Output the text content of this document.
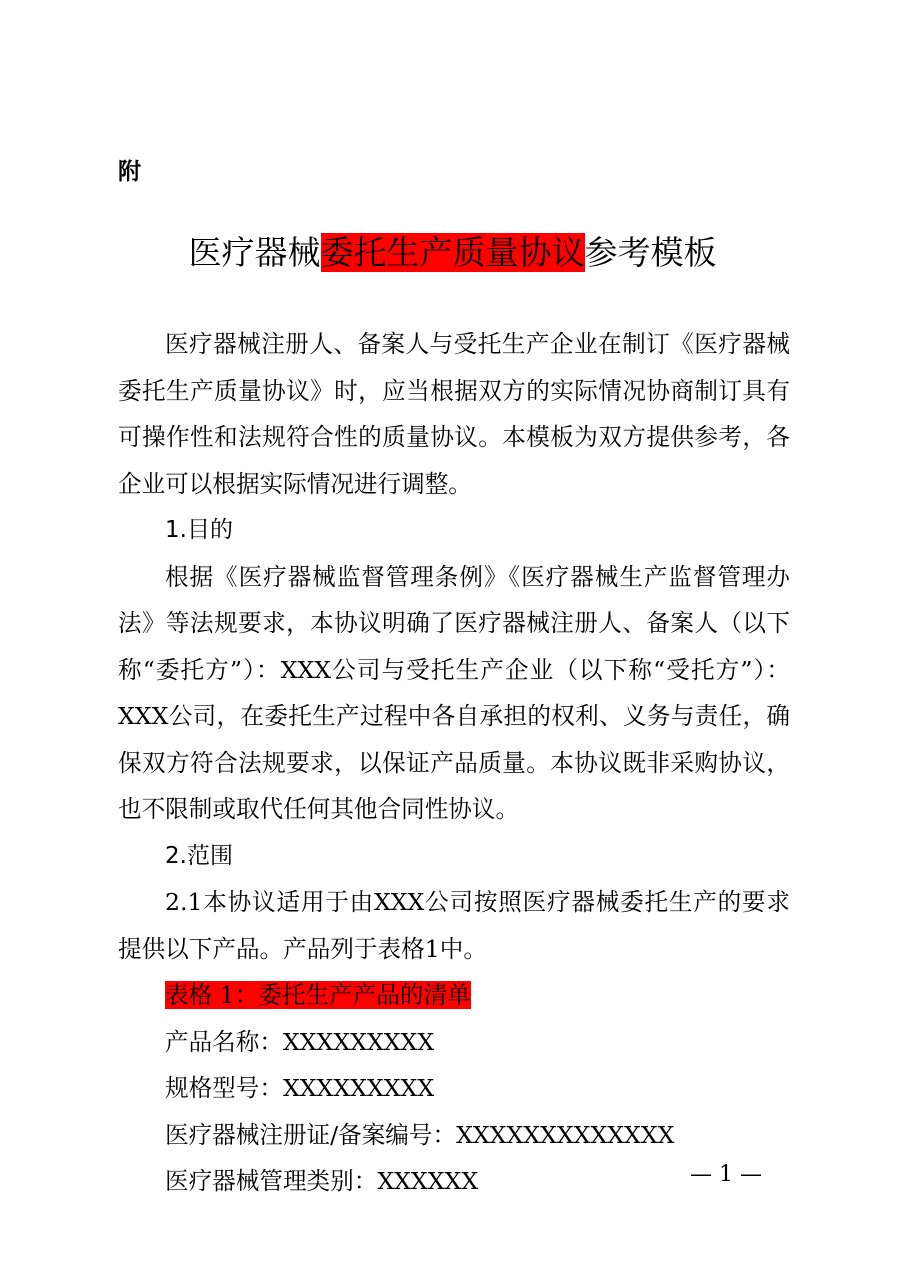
附
医疗器械委托生产质量协议参考模板

医疗器械注册人、备案人与受托生产企业在制订《医疗器械委托生产质量协议》时，应当根据双方的实际情况协商制订具有可操作性和法规符合性的质量协议。本模板为双方提供参考，各企业可以根据实际情况进行调整。

1.目的

根据《医疗器械监督管理条例》《医疗器械生产监督管理办法》等法规要求，本协议明确了医疗器械注册人、备案人（以下称“委托方”）：XXX公司与受托生产企业（以下称“受托方”）：XXX公司，在委托生产过程中各自承担的权利、义务与责任，确保双方符合法规要求，以保证产品质量。本协议既非采购协议，也不限制或取代任何其他合同性协议。

2.范围

2.1本协议适用于由XXX公司按照医疗器械委托生产的要求提供以下产品。产品列于表格1中。

表格 1：委托生产产品的清单

产品名称：XXXXXXXXX

规格型号：XXXXXXXXX

医疗器械注册证/备案编号：XXXXXXXXXXXXX

医疗器械管理类别：XXXXXX	— 1 —
